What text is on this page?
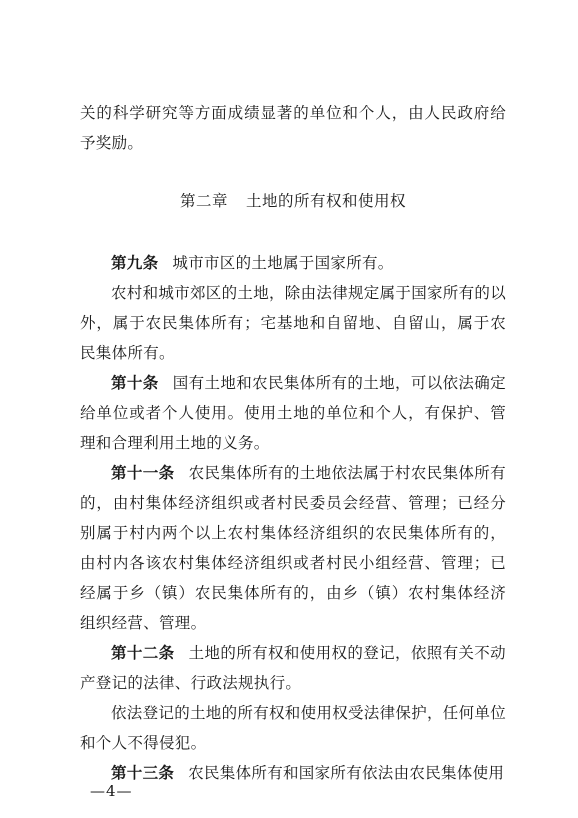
关的科学研究等方面成绩显著的单位和个人，由人民政府给予奖励。

第二章 土地的所有权和使用权

第九条 城市市区的土地属于国家所有。

农村和城市郊区的土地，除由法律规定属于国家所有的以外，属于农民集体所有；宅基地和自留地、自留山，属于农民集体所有。

第十条 国有土地和农民集体所有的土地，可以依法确定给单位或者个人使用。使用土地的单位和个人，有保护、管理和合理利用土地的义务。

第十一条 农民集体所有的土地依法属于村农民集体所有的，由村集体经济组织或者村民委员会经营、管理；已经分别属于村内两个以上农村集体经济组织的农民集体所有的，由村内各该农村集体经济组织或者村民小组经营、管理；已经属于乡（镇）农民集体所有的，由乡（镇）农村集体经济组织经营、管理。

第十二条 土地的所有权和使用权的登记，依照有关不动产登记的法律、行政法规执行。

依法登记的土地的所有权和使用权受法律保护，任何单位和个人不得侵犯。

第十三条 农民集体所有和国家所有依法由农民集体使用

—4—
